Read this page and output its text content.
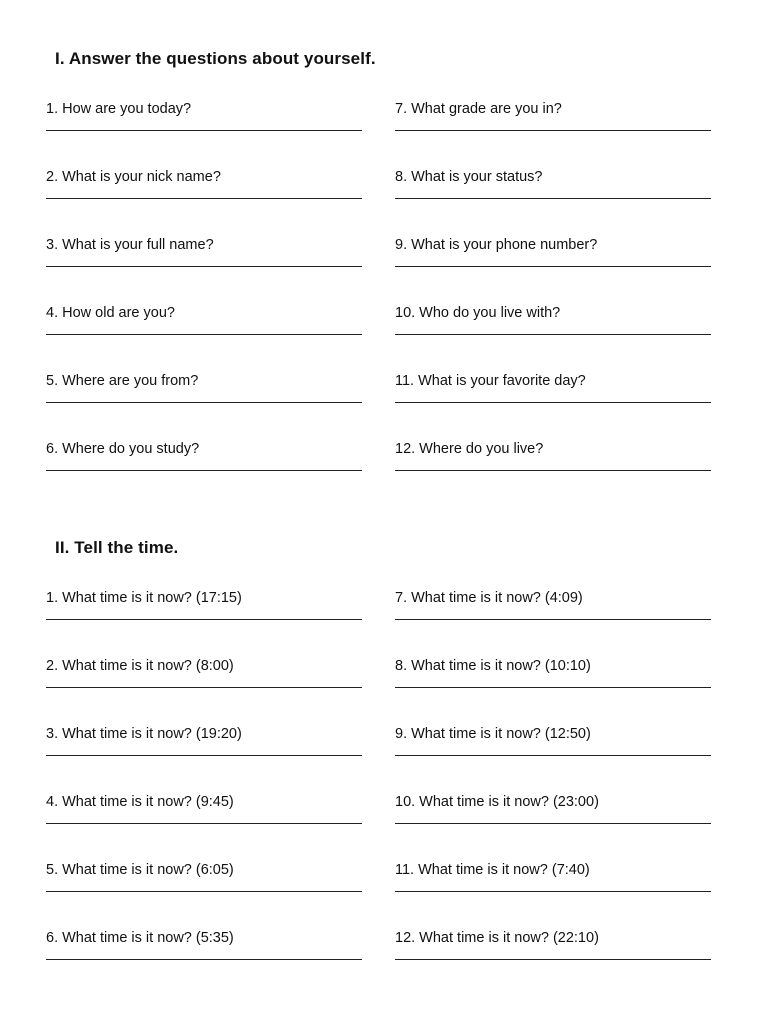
I. Answer the questions about yourself.
1. How are you today?
2. What is your nick name?
3. What is your full name?
4. How old are you?
5. Where are you from?
6. Where do you study?
7. What grade are you in?
8. What is your status?
9. What is your phone number?
10. Who do you live with?
11. What is your favorite day?
12. Where do you live?
II. Tell the time.
1. What time is it now? (17:15)
2. What time is it now? (8:00)
3. What time is it now? (19:20)
4. What time is it now? (9:45)
5. What time is it now? (6:05)
6. What time is it now? (5:35)
7. What time is it now? (4:09)
8. What time is it now? (10:10)
9. What time is it now? (12:50)
10. What time is it now? (23:00)
11. What time is it now? (7:40)
12. What time is it now? (22:10)
